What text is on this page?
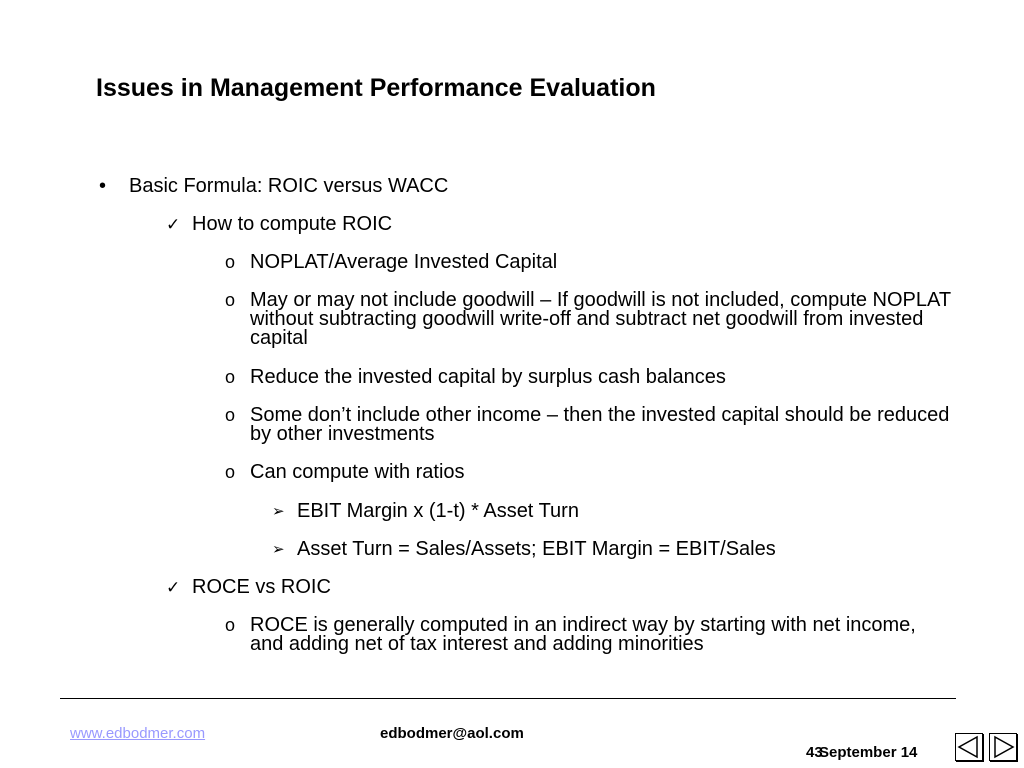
Issues in Management Performance Evaluation
• Basic Formula: ROIC versus WACC
✓ How to compute ROIC
o NOPLAT/Average Invested Capital
o May or may not include goodwill – If goodwill is not included, compute NOPLAT without subtracting goodwill write-off and subtract net goodwill from invested capital
o Reduce the invested capital by surplus cash balances
o Some don’t include other income – then the invested capital should be reduced by other investments
o Can compute with ratios
➢ EBIT Margin x (1-t) * Asset Turn
➢ Asset Turn = Sales/Assets; EBIT Margin = EBIT/Sales
✓ ROCE vs ROIC
o ROCE is generally computed in an indirect way by starting with net income, and adding net of tax interest and adding minorities
www.edbodmer.com	edbodmer@aol.com
43
September 14
